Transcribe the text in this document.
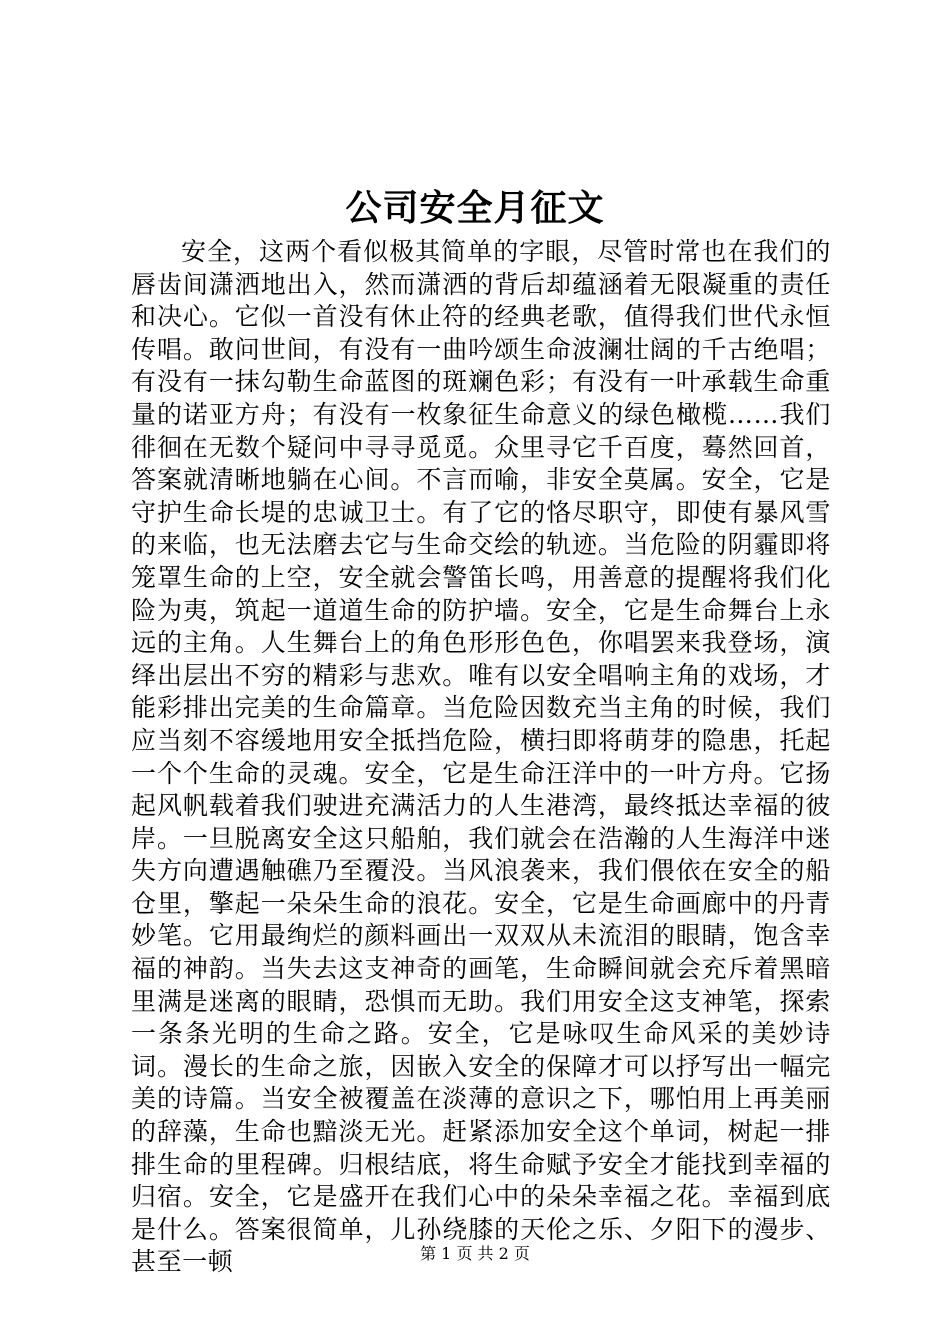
公司安全月征文

安全，这两个看似极其简单的字眼，尽管时常也在我们的唇齿间潇洒地出入，然而潇洒的背后却蕴涵着无限凝重的责任和决心。它似一首没有休止符的经典老歌，值得我们世代永恒传唱。敢问世间，有没有一曲吟颂生命波澜壮阔的千古绝唱；有没有一抹勾勒生命蓝图的斑斓色彩；有没有一叶承载生命重量的诺亚方舟；有没有一枚象征生命意义的绿色橄榄……我们徘徊在无数个疑问中寻寻觅觅。众里寻它千百度，蓦然回首，答案就清晰地躺在心间。不言而喻，非安全莫属。安全，它是守护生命长堤的忠诚卫士。有了它的恪尽职守，即使有暴风雪的来临，也无法磨去它与生命交绘的轨迹。当危险的阴霾即将笼罩生命的上空，安全就会警笛长鸣，用善意的提醒将我们化险为夷，筑起一道道生命的防护墙。安全，它是生命舞台上永远的主角。人生舞台上的角色形形色色，你唱罢来我登场，演绎出层出不穷的精彩与悲欢。唯有以安全唱响主角的戏场，才能彩排出完美的生命篇章。当危险因数充当主角的时候，我们应当刻不容缓地用安全抵挡危险，横扫即将萌芽的隐患，托起一个个生命的灵魂。安全，它是生命汪洋中的一叶方舟。它扬起风帆载着我们驶进充满活力的人生港湾，最终抵达幸福的彼岸。一旦脱离安全这只船舶，我们就会在浩瀚的人生海洋中迷失方向遭遇触礁乃至覆没。当风浪袭来，我们偎依在安全的船仓里，擎起一朵朵生命的浪花。安全，它是生命画廊中的丹青妙笔。它用最绚烂的颜料画出一双双从未流泪的眼睛，饱含幸福的神韵。当失去这支神奇的画笔，生命瞬间就会充斥着黑暗里满是迷离的眼睛，恐惧而无助。我们用安全这支神笔，探索一条条光明的生命之路。安全，它是咏叹生命风采的美妙诗词。漫长的生命之旅，因嵌入安全的保障才可以抒写出一幅完美的诗篇。当安全被覆盖在淡薄的意识之下，哪怕用上再美丽的辞藻，生命也黯淡无光。赶紧添加安全这个单词，树起一排排生命的里程碑。归根结底，将生命赋予安全才能找到幸福的归宿。安全，它是盛开在我们心中的朵朵幸福之花。幸福到底是什么。答案很简单，儿孙绕膝的天伦之乐、夕阳下的漫步、甚至一顿	第 1 页 共 2 页
